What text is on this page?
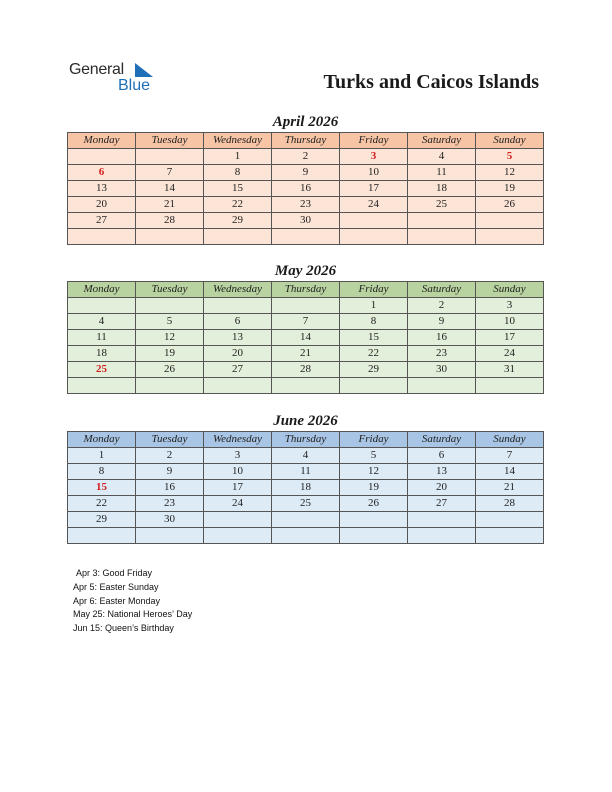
General
Blue	Turks and Caicos Islands
April 2026
Monday	Tuesday	Wednesday	Thursday	Friday	Saturday	Sunday
		1	2	3	4	5
6	7	8	9	10	11	12
13	14	15	16	17	18	19
20	21	22	23	24	25	26
27	28	29	30			

May 2026
Monday	Tuesday	Wednesday	Thursday	Friday	Saturday	Sunday
				1	2	3
4	5	6	7	8	9	10
11	12	13	14	15	16	17
18	19	20	21	22	23	24
25	26	27	28	29	30	31

June 2026
Monday	Tuesday	Wednesday	Thursday	Friday	Saturday	Sunday
1	2	3	4	5	6	7
8	9	10	11	12	13	14
15	16	17	18	19	20	21
22	23	24	25	26	27	28
29	30					

Apr 3: Good Friday
Apr 5: Easter Sunday
Apr 6: Easter Monday
May 25: National Heroes’ Day
Jun 15: Queen’s Birthday
